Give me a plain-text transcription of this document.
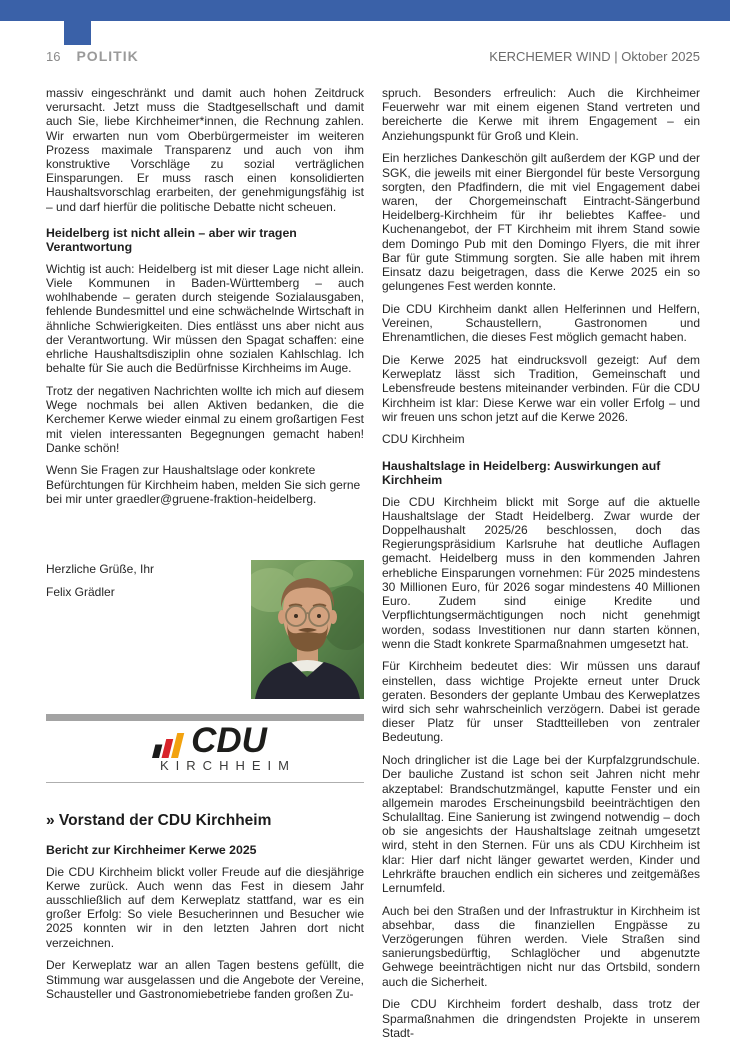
16 POLITIK	KERCHEMER WIND | Oktober 2025

massiv eingeschränkt und damit auch hohen Zeitdruck verursacht. Jetzt muss die Stadtgesellschaft und damit auch Sie, liebe Kirchheimer*innen, die Rechnung zahlen. Wir erwarten nun vom Oberbürgermeister im weiteren Prozess maximale Transparenz und auch von ihm konstruktive Vorschläge zu sozial verträglichen Einsparungen. Er muss rasch einen konsolidierten Haushaltsvorschlag erarbeiten, der genehmigungsfähig ist – und darf hierfür die politische Debatte nicht scheuen.

Heidelberg ist nicht allein – aber wir tragen Verantwortung

Wichtig ist auch: Heidelberg ist mit dieser Lage nicht allein. Viele Kommunen in Baden-Württemberg – auch wohlhabende – geraten durch steigende Sozialausgaben, fehlende Bundesmittel und eine schwächelnde Wirtschaft in ähnliche Schwierigkeiten. Dies entlässt uns aber nicht aus der Verantwortung. Wir müssen den Spagat schaffen: eine ehrliche Haushaltsdisziplin ohne sozialen Kahlschlag. Ich behalte für Sie auch die Bedürfnisse Kirchheims im Auge.

Trotz der negativen Nachrichten wollte ich mich auf diesem Wege nochmals bei allen Aktiven bedanken, die die Kerchemer Kerwe wieder einmal zu einem großartigen Fest mit vielen interessanten Begegnungen gemacht haben! Danke schön!

Wenn Sie Fragen zur Haushaltslage oder konkrete Befürchtungen für Kirchheim haben, melden Sie sich gerne bei mir unter graedler@gruene-fraktion-heidelberg.

Herzliche Grüße, Ihr

Felix Grädler

CDU
KIRCHHEIM
» Vorstand der CDU Kirchheim
Bericht zur Kirchheimer Kerwe 2025

Die CDU Kirchheim blickt voller Freude auf die diesjährige Kerwe zurück. Auch wenn das Fest in diesem Jahr ausschließlich auf dem Kerweplatz stattfand, war es ein großer Erfolg: So viele Besucherinnen und Besucher wie 2025 konnten wir in den letzten Jahren dort nicht verzeichnen.

Der Kerweplatz war an allen Tagen bestens gefüllt, die Stimmung war ausgelassen und die Angebote der Vereine, Schausteller und Gastronomiebetriebe fanden großen Zu-

spruch. Besonders erfreulich: Auch die Kirchheimer Feuerwehr war mit einem eigenen Stand vertreten und bereicherte die Kerwe mit ihrem Engagement – ein Anziehungspunkt für Groß und Klein.

Ein herzliches Dankeschön gilt außerdem der KGP und der SGK, die jeweils mit einer Biergondel für beste Versorgung sorgten, den Pfadfindern, die mit viel Engagement dabei waren, der Chorgemeinschaft Eintracht-Sängerbund Heidelberg-Kirchheim für ihr beliebtes Kaffee- und Kuchenangebot, der FT Kirchheim mit ihrem Stand sowie dem Domingo Pub mit den Domingo Flyers, die mit ihrer Bar für gute Stimmung sorgten. Sie alle haben mit ihrem Einsatz dazu beigetragen, dass die Kerwe 2025 ein so gelungenes Fest werden konnte.

Die CDU Kirchheim dankt allen Helferinnen und Helfern, Vereinen, Schaustellern, Gastronomen und Ehrenamtlichen, die dieses Fest möglich gemacht haben.

Die Kerwe 2025 hat eindrucksvoll gezeigt: Auf dem Kerweplatz lässt sich Tradition, Gemeinschaft und Lebensfreude bestens miteinander verbinden. Für die CDU Kirchheim ist klar: Diese Kerwe war ein voller Erfolg – und wir freuen uns schon jetzt auf die Kerwe 2026.

CDU Kirchheim

Haushaltslage in Heidelberg: Auswirkungen auf Kirchheim

Die CDU Kirchheim blickt mit Sorge auf die aktuelle Haushaltslage der Stadt Heidelberg. Zwar wurde der Doppelhaushalt 2025/26 beschlossen, doch das Regierungspräsidium Karlsruhe hat deutliche Auflagen gemacht. Heidelberg muss in den kommenden Jahren erhebliche Einsparungen vornehmen: Für 2025 mindestens 30 Millionen Euro, für 2026 sogar mindestens 40 Millionen Euro. Zudem sind einige Kredite und Verpflichtungsermächtigungen noch nicht genehmigt worden, sodass Investitionen nur dann starten können, wenn die Stadt konkrete Sparmaßnahmen umgesetzt hat.

Für Kirchheim bedeutet dies: Wir müssen uns darauf einstellen, dass wichtige Projekte erneut unter Druck geraten. Besonders der geplante Umbau des Kerweplatzes wird sich sehr wahrscheinlich verzögern. Dabei ist gerade dieser Platz für unser Stadtteilleben von zentraler Bedeutung.

Noch dringlicher ist die Lage bei der Kurpfalzgrundschule. Der bauliche Zustand ist schon seit Jahren nicht mehr akzeptabel: Brandschutzmängel, kaputte Fenster und ein allgemein marodes Erscheinungsbild beeinträchtigen den Schulalltag. Eine Sanierung ist zwingend notwendig – doch ob sie angesichts der Haushaltslage zeitnah umgesetzt wird, steht in den Sternen. Für uns als CDU Kirchheim ist klar: Hier darf nicht länger gewartet werden, Kinder und Lehrkräfte brauchen endlich ein sicheres und zeitgemäßes Lernumfeld.

Auch bei den Straßen und der Infrastruktur in Kirchheim ist absehbar, dass die finanziellen Engpässe zu Verzögerungen führen werden. Viele Straßen sind sanierungsbedürftig, Schlaglöcher und abgenutzte Gehwege beeinträchtigen nicht nur das Ortsbild, sondern auch die Sicherheit.

Die CDU Kirchheim fordert deshalb, dass trotz der Sparmaßnahmen die dringendsten Projekte in unserem Stadt-
